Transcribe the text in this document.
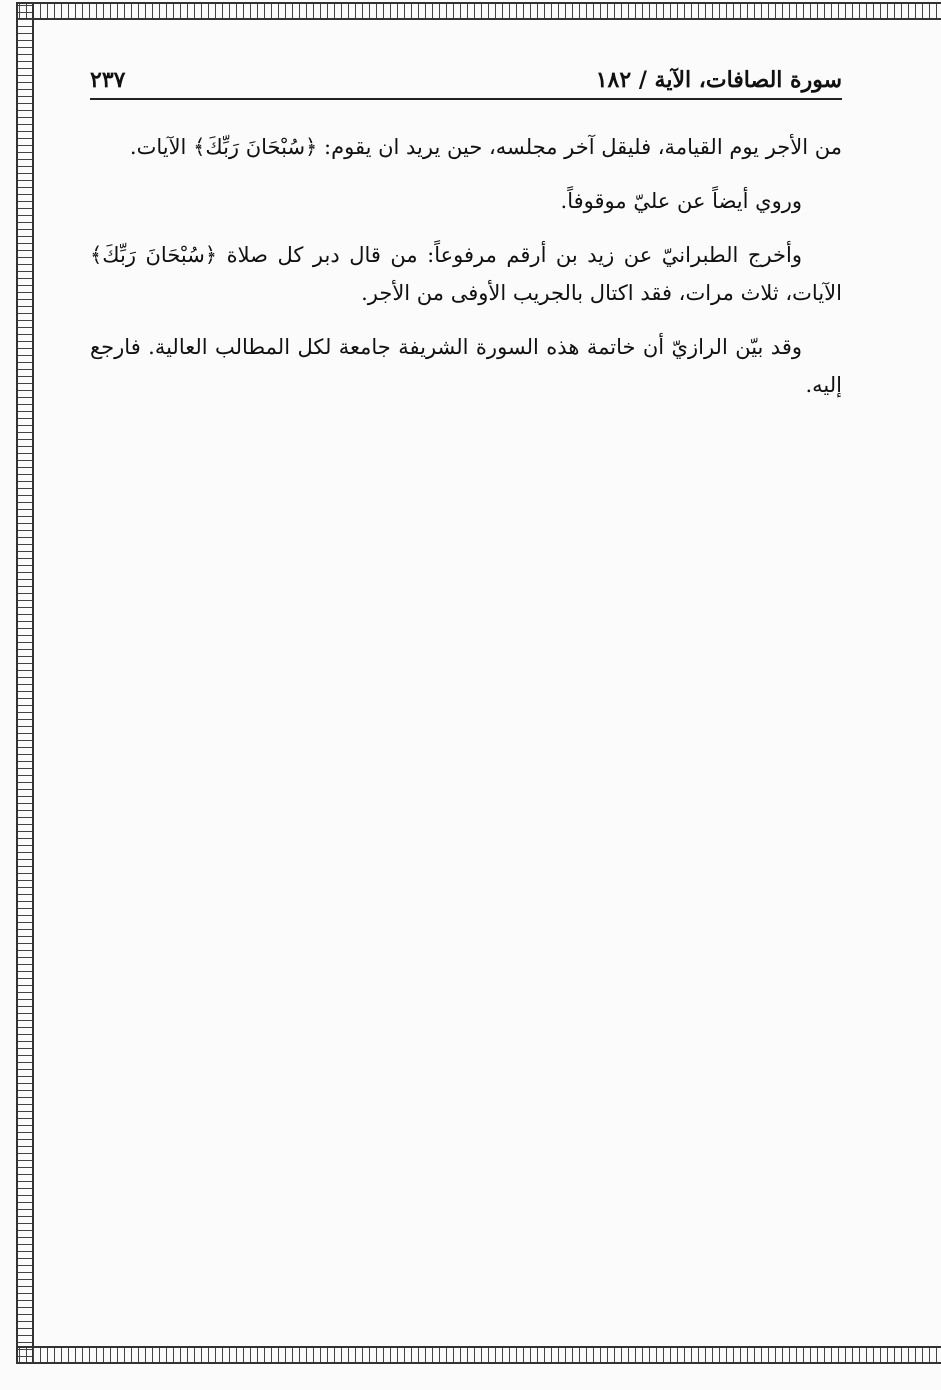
سورة الصافات، الآية / ١٨٢
٢٣٧

من الأجر يوم القيامة، فليقل آخر مجلسه، حين يريد ان يقوم: ﴿سُبْحَانَ رَبِّكَ﴾ الآيات.

وروي أيضاً عن عليّ موقوفاً.

وأخرج الطبرانيّ عن زيد بن أرقم مرفوعاً: من قال دبر كل صلاة ﴿سُبْحَانَ رَبِّكَ﴾ الآيات، ثلاث مرات، فقد اكتال بالجريب الأوفى من الأجر.

وقد بيّن الرازيّ أن خاتمة هذه السورة الشريفة جامعة لكل المطالب العالية. فارجع إليه.
